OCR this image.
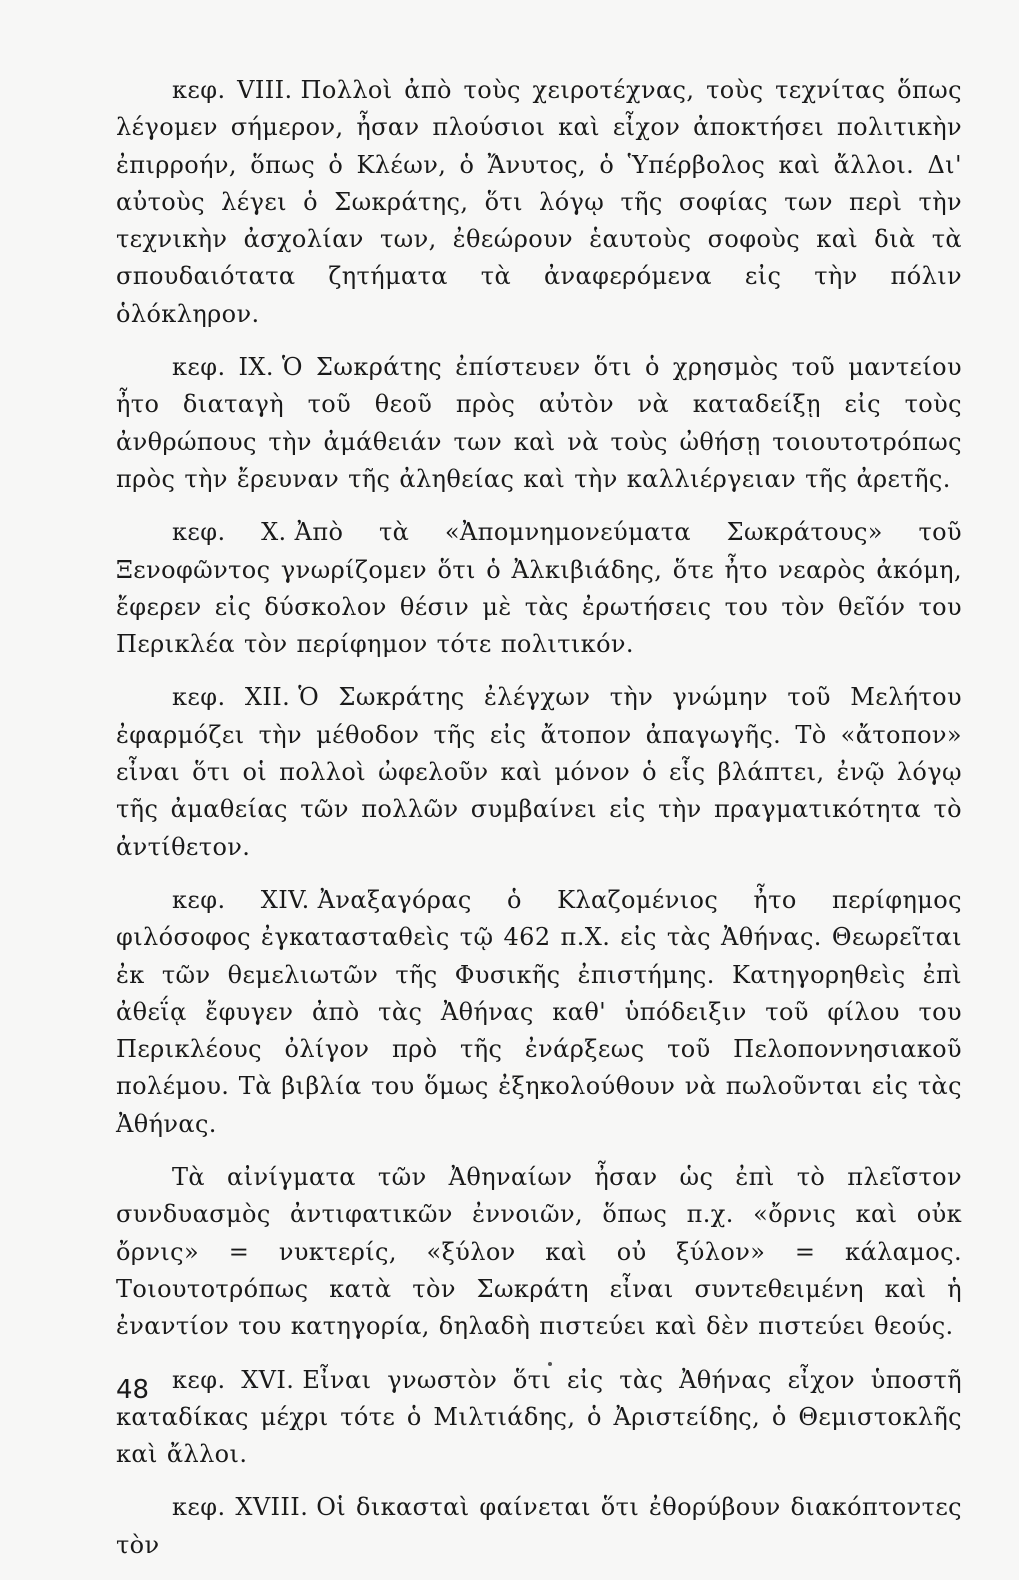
κεφ. VIII. Πολλοὶ ἀπὸ τοὺς χειροτέχνας, τοὺς τεχνίτας ὅπως λέγομεν σήμερον, ἦσαν πλούσιοι καὶ εἶχον ἀποκτήσει πολιτικὴν ἐπιρροήν, ὅπως ὁ Κλέων, ὁ Ἄνυτος, ὁ Ὑπέρβολος καὶ ἄλλοι. Δι' αὐτοὺς λέγει ὁ Σωκράτης, ὅτι λόγῳ τῆς σοφίας των περὶ τὴν τεχνικὴν ἀσχολίαν των, ἐθεώρουν ἑαυτοὺς σοφοὺς καὶ διὰ τὰ σπουδαιότατα ζητήματα τὰ ἀναφερόμενα εἰς τὴν πόλιν ὁλόκληρον.

κεφ. IX. Ὁ Σωκράτης ἐπίστευεν ὅτι ὁ χρησμὸς τοῦ μαντείου ἦτο διαταγὴ τοῦ θεοῦ πρὸς αὐτὸν νὰ καταδείξῃ εἰς τοὺς ἀνθρώπους τὴν ἀμάθειάν των καὶ νὰ τοὺς ὠθήσῃ τοιουτοτρόπως πρὸς τὴν ἔρευναν τῆς ἀληθείας καὶ τὴν καλλιέργειαν τῆς ἀρετῆς.

κεφ. X. Ἀπὸ τὰ «Ἀπομνημονεύματα Σωκράτους» τοῦ Ξενοφῶντος γνωρίζομεν ὅτι ὁ Ἀλκιβιάδης, ὅτε ἦτο νεαρὸς ἀκόμη, ἔφερεν εἰς δύσκολον θέσιν μὲ τὰς ἐρωτήσεις του τὸν θεῖόν του Περικλέα τὸν περίφημον τότε πολιτικόν.

κεφ. XII. Ὁ Σωκράτης ἐλέγχων τὴν γνώμην τοῦ Μελήτου ἐφαρμόζει τὴν μέθοδον τῆς εἰς ἄτοπον ἀπαγωγῆς. Τὸ «ἄτοπον» εἶναι ὅτι οἱ πολλοὶ ὠφελοῦν καὶ μόνον ὁ εἷς βλάπτει, ἐνῷ λόγῳ τῆς ἀμαθείας τῶν πολλῶν συμβαίνει εἰς τὴν πραγματικότητα τὸ ἀντίθετον.

κεφ. XIV. Ἀναξαγόρας ὁ Κλαζομένιος ἦτο περίφημος φιλόσοφος ἐγκατασταθεὶς τῷ 462 π.Χ. εἰς τὰς Ἀθήνας. Θεωρεῖται ἐκ τῶν θεμελιωτῶν τῆς Φυσικῆς ἐπιστήμης. Κατηγορηθεὶς ἐπὶ ἀθεΐᾳ ἔφυγεν ἀπὸ τὰς Ἀθήνας καθ' ὑπόδειξιν τοῦ φίλου του Περικλέους ὀλίγον πρὸ τῆς ἐνάρξεως τοῦ Πελοποννησιακοῦ πολέμου. Τὰ βιβλία του ὅμως ἐξηκολούθουν νὰ πωλοῦνται εἰς τὰς Ἀθήνας.

Τὰ αἰνίγματα τῶν Ἀθηναίων ἦσαν ὡς ἐπὶ τὸ πλεῖστον συνδυασμὸς ἀντιφατικῶν ἐννοιῶν, ὅπως π.χ. «ὄρνις καὶ οὐκ ὄρνις» = νυκτερίς, «ξύλον καὶ οὐ ξύλον» = κάλαμος. Τοιουτοτρόπως κατὰ τὸν Σωκράτη εἶναι συντεθειμένη καὶ ἡ ἐναντίον του κατηγορία, δηλαδὴ πιστεύει καὶ δὲν πιστεύει θεούς.

κεφ. XVI. Εἶναι γνωστὸν ὅτι εἰς τὰς Ἀθήνας εἶχον ὑποστῆ καταδίκας μέχρι τότε ὁ Μιλτιάδης, ὁ Ἀριστείδης, ὁ Θεμιστοκλῆς καὶ ἄλλοι.

κεφ. XVIII. Οἱ δικασταὶ φαίνεται ὅτι ἐθορύβουν διακόπτοντες τὸν

48
